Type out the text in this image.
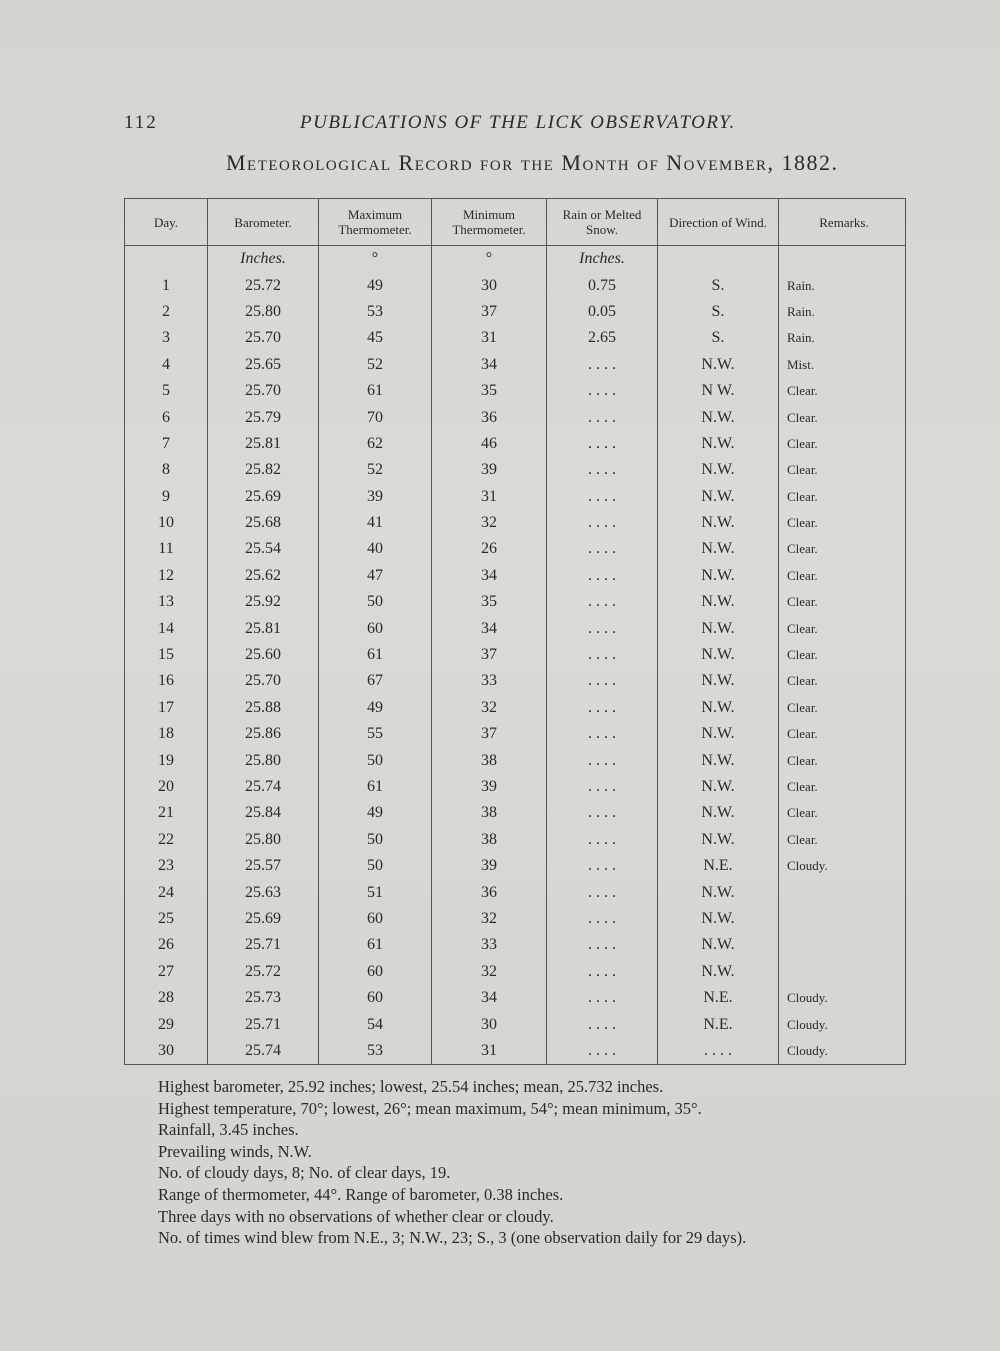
112	PUBLICATIONS OF THE LICK OBSERVATORY.
Meteorological Record for the Month of November, 1882.
Day.	Barometer.	Maximum Thermometer.	Minimum Thermometer.	Rain or Melted Snow.	Direction of Wind.	Remarks.
	Inches.	°	°	Inches.		
1	25.72	49	30	0.75	S.	Rain.
2	25.80	53	37	0.05	S.	Rain.
3	25.70	45	31	2.65	S.	Rain.
4	25.65	52	34	. . . .	N.W.	Mist.
5	25.70	61	35	. . . .	N W.	Clear.
6	25.79	70	36	. . . .	N.W.	Clear.
7	25.81	62	46	. . . .	N.W.	Clear.
8	25.82	52	39	. . . .	N.W.	Clear.
9	25.69	39	31	. . . .	N.W.	Clear.
10	25.68	41	32	. . . .	N.W.	Clear.
11	25.54	40	26	. . . .	N.W.	Clear.
12	25.62	47	34	. . . .	N.W.	Clear.
13	25.92	50	35	. . . .	N.W.	Clear.
14	25.81	60	34	. . . .	N.W.	Clear.
15	25.60	61	37	. . . .	N.W.	Clear.
16	25.70	67	33	. . . .	N.W.	Clear.
17	25.88	49	32	. . . .	N.W.	Clear.
18	25.86	55	37	. . . .	N.W.	Clear.
19	25.80	50	38	. . . .	N.W.	Clear.
20	25.74	61	39	. . . .	N.W.	Clear.
21	25.84	49	38	. . . .	N.W.	Clear.
22	25.80	50	38	. . . .	N.W.	Clear.
23	25.57	50	39	. . . .	N.E.	Cloudy.
24	25.63	51	36	. . . .	N.W.	
25	25.69	60	32	. . . .	N.W.	
26	25.71	61	33	. . . .	N.W.	
27	25.72	60	32	. . . .	N.W.	
28	25.73	60	34	. . . .	N.E.	Cloudy.
29	25.71	54	30	. . . .	N.E.	Cloudy.
30	25.74	53	31	. . . .	. . . .	Cloudy.
Highest barometer, 25.92 inches; lowest, 25.54 inches; mean, 25.732 inches.
Highest temperature, 70°; lowest, 26°; mean maximum, 54°; mean minimum, 35°.
Rainfall, 3.45 inches.
Prevailing winds, N.W.
No. of cloudy days, 8; No. of clear days, 19.
Range of thermometer, 44°. Range of barometer, 0.38 inches.
Three days with no observations of whether clear or cloudy.
No. of times wind blew from N.E., 3; N.W., 23; S., 3 (one observation daily for 29 days).
